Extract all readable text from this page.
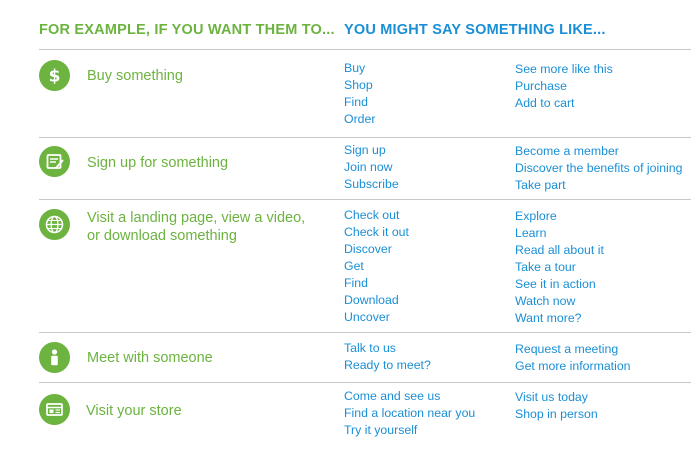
FOR EXAMPLE, IF YOU WANT THEM TO... YOU MIGHT SAY SOMETHING LIKE...
$ Buy something	Buy
Shop
Find
Order
See more like this
Purchase
Add to cart
Sign up for something
Sign up
Join now
Subscribe
Become a member
Discover the benefits of joining
Take part
Visit a landing page, view a video, or download something
Check out
Check it out
Discover
Get
Find
Download
Uncover
Explore
Learn
Read all about it
Take a tour
See it in action
Watch now
Want more?
Meet with someone
Talk to us
Ready to meet?
Request a meeting
Get more information
Visit your store
Come and see us
Find a location near you
Try it yourself
Visit us today
Shop in person
